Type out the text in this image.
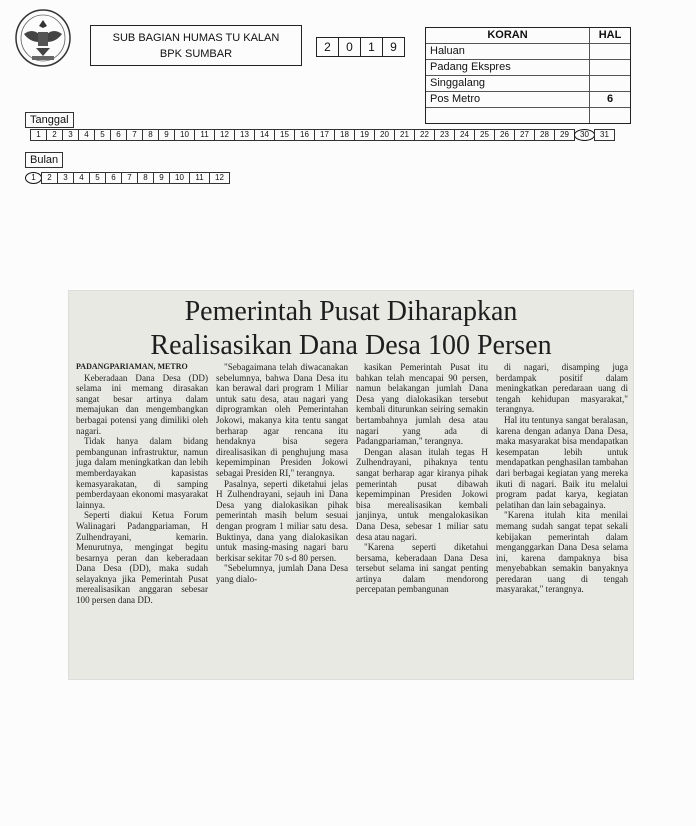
SUB BAGIAN HUMAS TU KALAN
BPK SUMBAR	2	0	1	9
KORAN	HAL
Haluan
Padang Ekspres
Singgalang
Pos Metro	6
Tanggal
1	2	3	4	5	6	7	8	9	10	11	12	13	14	15	16	17	18	19	20	21	22	23	24	25	26	27	28	29	30	31
Bulan
1	2	3	4	5	6	7	8	9	10	11	12
Pemerintah Pusat Diharapkan
Realisasikan Dana Desa 100 Persen
PADANGPARIAMAN, METRO

Keberadaan Dana Desa (DD) selama ini memang dirasakan sangat besar artinya dalam memajukan dan mengembangkan berbagai potensi yang dimiliki oleh nagari.

Tidak hanya dalam bidang pembangunan infrastruktur, namun juga dalam meningkatkan dan lebih memberdayakan kapasistas kemasyarakatan, di samping pemberdayaan ekonomi masyarakat lainnya.

Seperti diakui Ketua Forum Walinagari Padangpariaman, H Zulhendrayani, kemarin. Menurutnya, mengingat begitu besarnya peran dan keberadaan Dana Desa (DD), maka sudah selayaknya jika Pemerintah Pusat merealisasikan anggaran sebesar 100 persen dana DD.

"Sebagaimana telah diwacanakan sebelumnya, bahwa Dana Desa itu kan berawal dari program 1 Miliar untuk satu desa, atau nagari yang diprogramkan oleh Pemerintahan Jokowi, makanya kita tentu sangat berharap agar rencana itu hendaknya bisa segera direalisasikan di penghujung masa kepemimpinan Presiden Jokowi sebagai Presiden RI," terangnya.

Pasalnya, seperti diketahui jelas H Zulhendrayani, sejauh ini Dana Desa yang dialokasikan pihak pemerintah masih belum sesuai dengan program 1 miliar satu desa. Buktinya, dana yang dialokasikan untuk masing-masing nagari baru berkisar sekitar 70 s-d 80 persen.

"Sebelumnya, jumlah Dana Desa yang dialo-

kasikan Pemerintah Pusat itu bahkan telah mencapai 90 persen, namun belakangan jumlah Dana Desa yang dialokasikan tersebut kembali diturunkan seiring semakin bertambahnya jumlah desa atau nagari yang ada di Padangpariaman," terangnya.

Dengan alasan itulah tegas H Zulhendrayani, pihaknya tentu sangat berharap agar kiranya pihak pemerintah pusat dibawah kepemimpinan Presiden Jokowi bisa merealisasikan kembali janjinya, untuk mengalokasikan Dana Desa, sebesar 1 miliar satu desa atau nagari.

"Karena seperti diketahui bersama, keberadaan Dana Desa tersebut selama ini sangat penting artinya dalam mendorong percepatan pembangunan

di nagari, disamping juga berdampak positif dalam meningkatkan peredaraan uang di tengah kehidupan masyarakat," terangnya.

Hal itu tentunya sangat beralasan, karena dengan adanya Dana Desa, maka masyarakat bisa mendapatkan kesempatan lebih untuk mendapatkan penghasilan tambahan dari berbagai kegiatan yang mereka ikuti di nagari. Baik itu melalui program padat karya, kegiatan pelatihan dan lain sebagainya.

"Karena itulah kita menilai memang sudah sangat tepat sekali kebijakan pemerintah dalam menganggarkan Dana Desa selama ini, karena dampaknya bisa menyebabkan semakin banyaknya peredaran uang di tengah masyarakat," terangnya.
